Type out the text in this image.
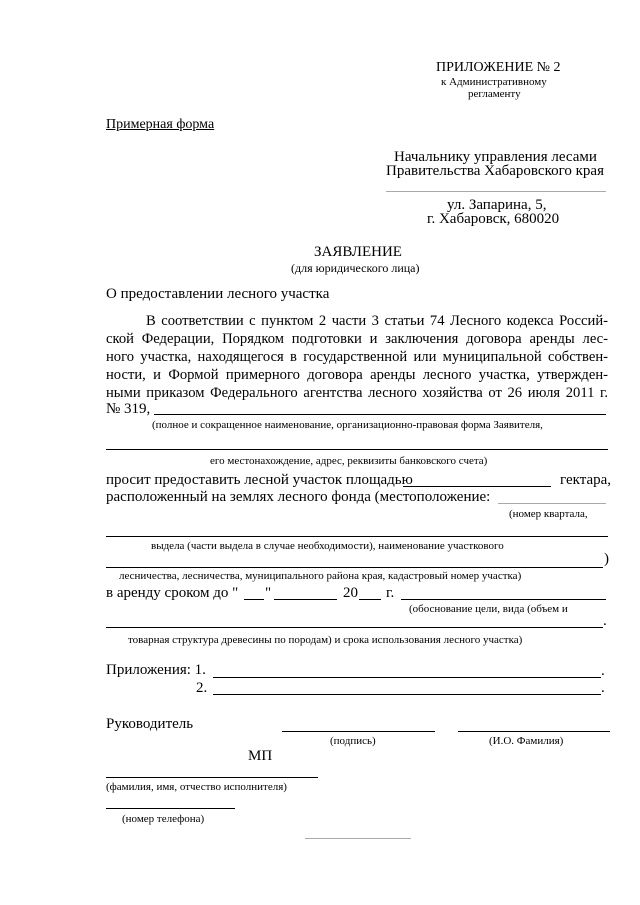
ПРИЛОЖЕНИЕ № 2
к Административному
регламенту
Примерная форма
Начальнику управления лесами
Правительства Хабаровского края
ул. Запарина, 5,
г. Хабаровск, 680020
ЗАЯВЛЕНИЕ
(для юридического лица)
О предоставлении лесного участка
В соответствии с пунктом 2 части 3 статьи 74 Лесного кодекса Россий-
ской Федерации, Порядком подготовки и заключения договора аренды лес-
ного участка, находящегося в государственной или муниципальной собствен-
ности, и Формой примерного договора аренды лесного участка, утвержден-
ными приказом Федерального агентства лесного хозяйства от 26 июля 2011 г.
№ 319,
(полное и сокращенное наименование, организационно-правовая форма Заявителя,
его местонахождение, адрес, реквизиты банковского счета)
просит предоставить лесной участок площадью	гектара,
расположенный на землях лесного фонда (местоположение:
(номер квартала,
выдела (части выдела в случае необходимости), наименование участкового
)
лесничества, лесничества, муниципального района края, кадастровый номер участка)
в аренду сроком до " "	20 г.
(обоснование цели, вида (объем и
.
товарная структура древесины по породам) и срока использования лесного участка)
Приложения: 1.	.
2.	.
Руководитель
(подпись)	(И.О. Фамилия)
МП
(фамилия, имя, отчество исполнителя)
(номер телефона)
